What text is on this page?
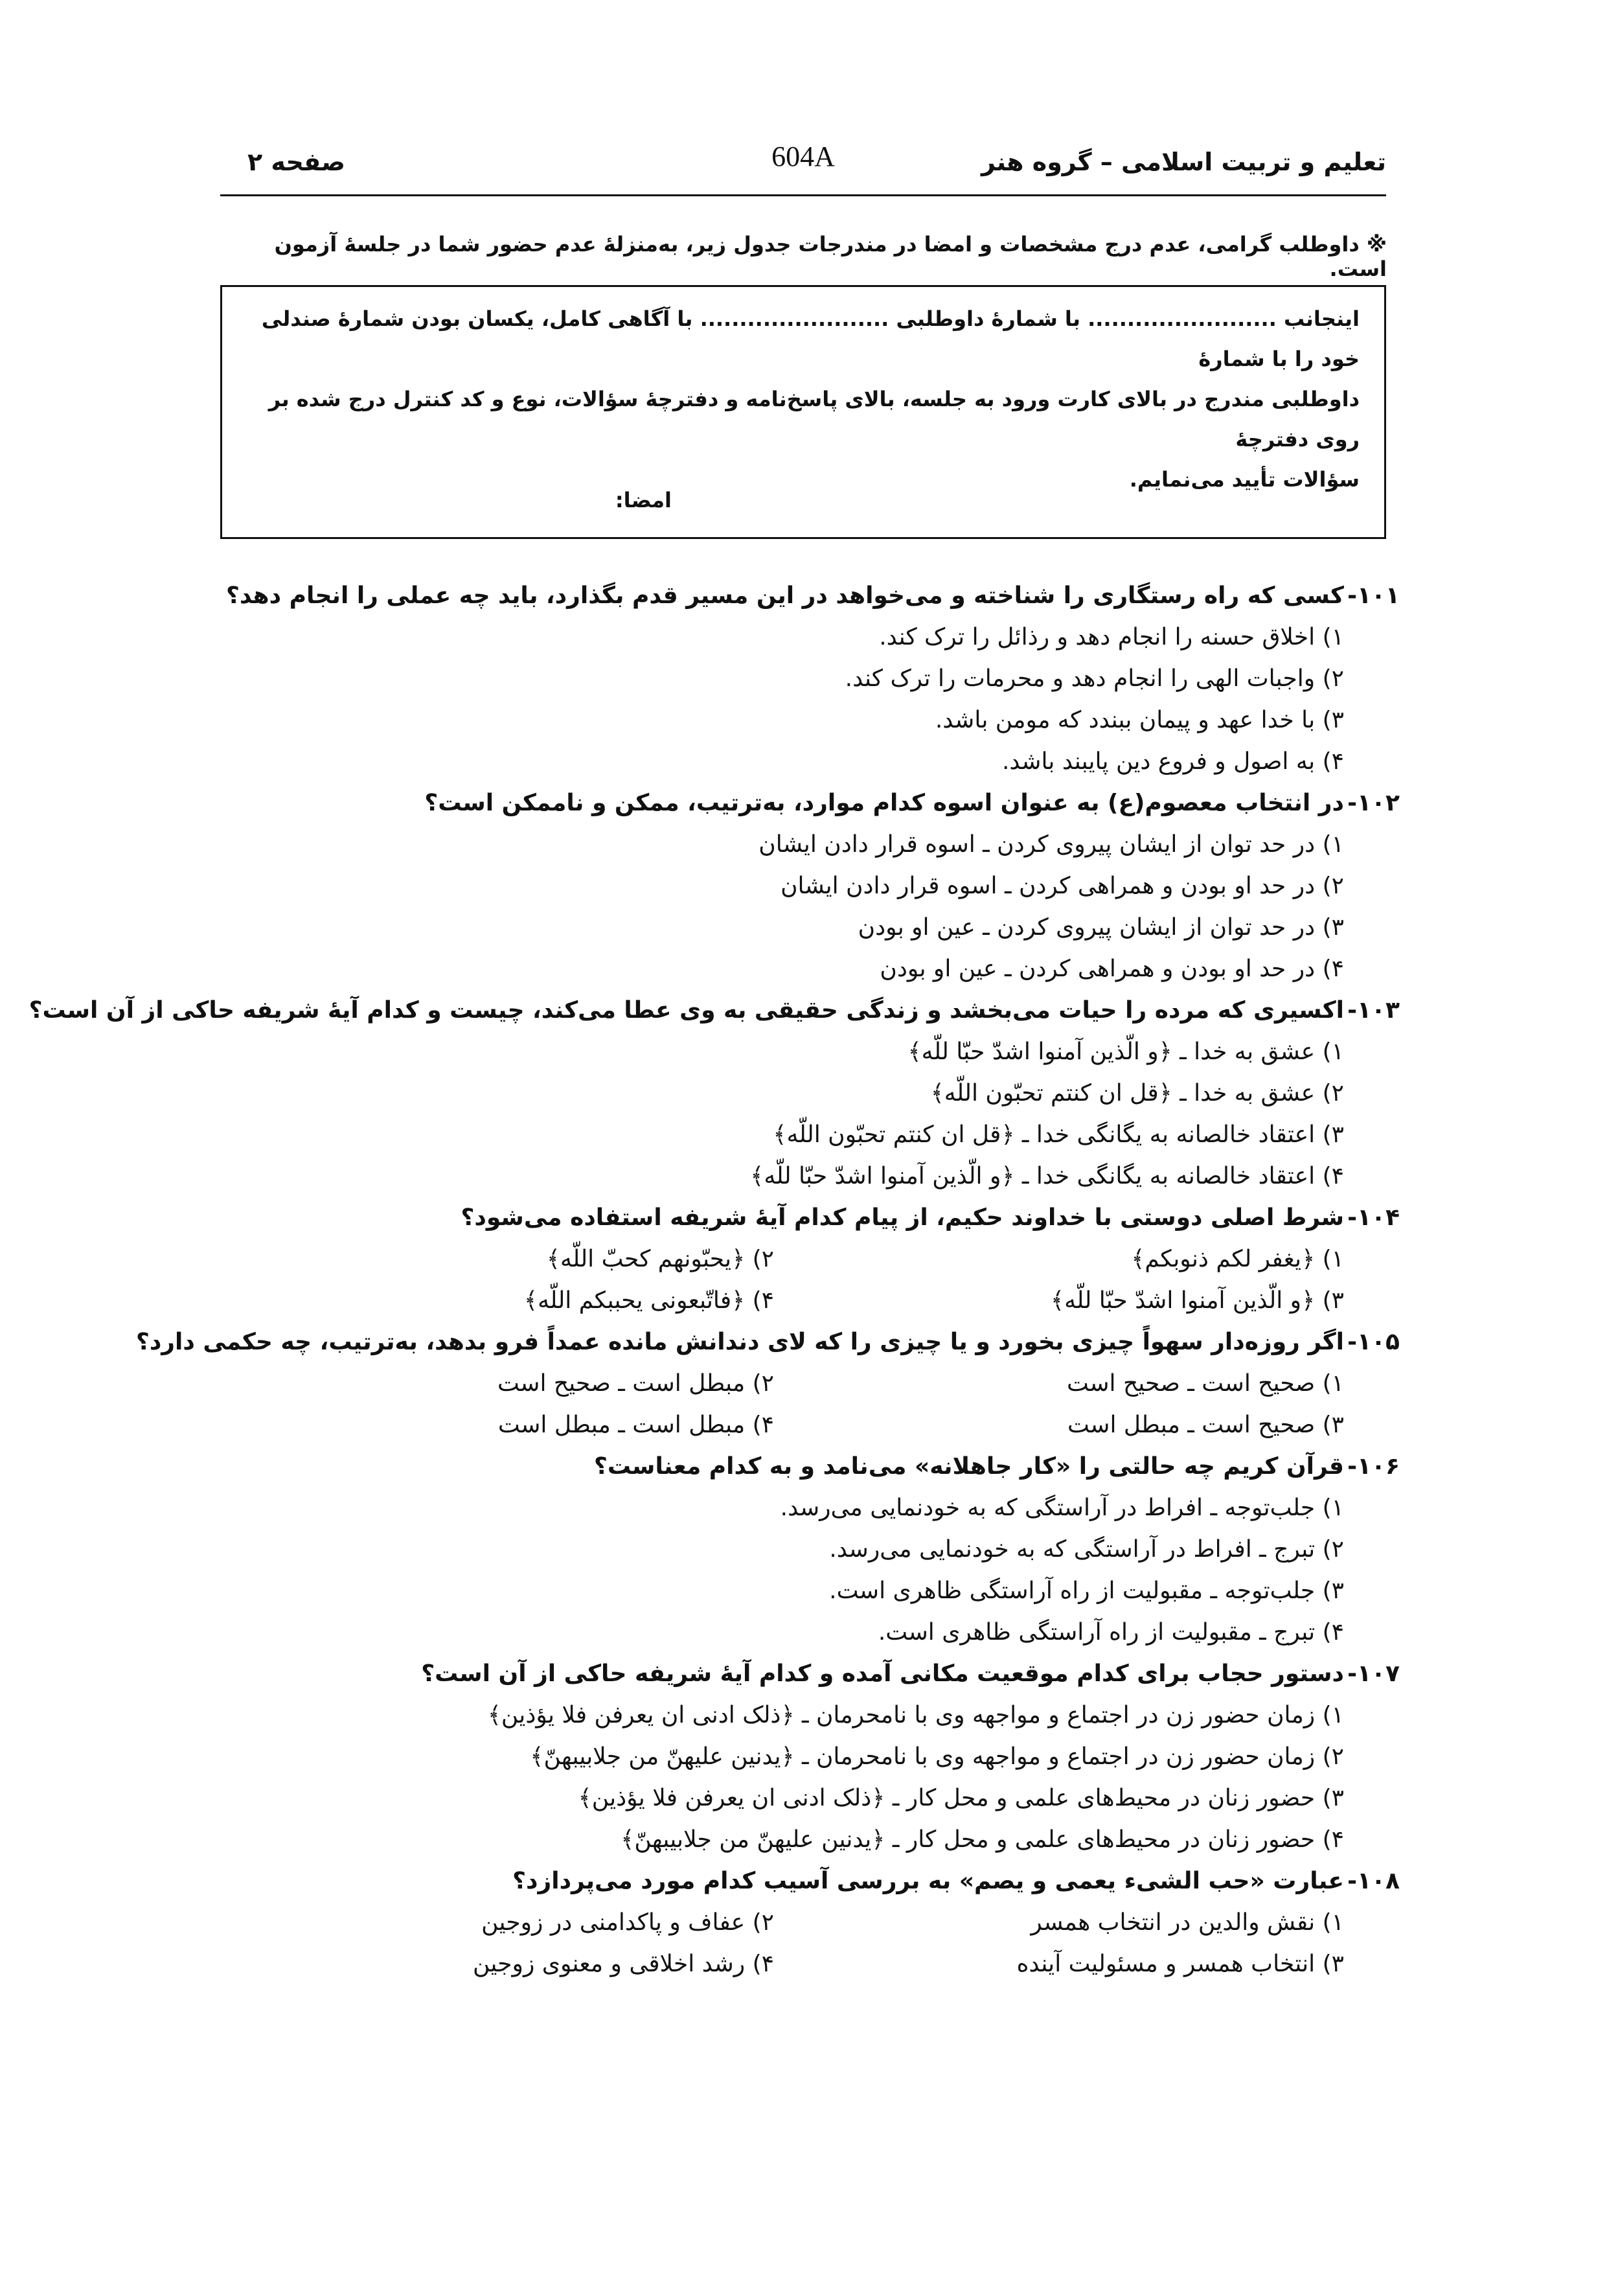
تعلیم و تربیت اسلامی – گروه هنر
604A
صفحه ۲
※ داوطلب گرامی، عدم درج مشخصات و امضا در مندرجات جدول زیر، به‌منزلهٔ عدم حضور شما در جلسهٔ آزمون است.
اینجانب ........................ با شمارهٔ داوطلبی ........................ با آگاهی کامل، یکسان بودن شمارهٔ صندلی خود را با شمارهٔ
داوطلبی مندرج در بالای کارت ورود به جلسه، بالای پاسخ‌نامه و دفترچهٔ سؤالات، نوع و کد کنترل درج شده بر روی دفترچهٔ
سؤالات تأیید می‌نمایم.
امضا:
۱۰۱-کسی که راه رستگاری را شناخته و می‌خواهد در این مسیر قدم بگذارد، باید چه عملی را انجام دهد؟
۱) اخلاق حسنه را انجام دهد و رذائل را ترک کند.
۲) واجبات الهی را انجام دهد و محرمات را ترک کند.
۳) با خدا عهد و پیمان ببندد که مومن باشد.
۴) به اصول و فروع دین پایبند باشد.
۱۰۲-در انتخاب معصوم(ع) به عنوان اسوه کدام موارد، به‌ترتیب، ممکن و ناممکن است؟
۱) در حد توان از ایشان پیروی کردن ـ اسوه قرار دادن ایشان
۲) در حد او بودن و همراهی کردن ـ اسوه قرار دادن ایشان
۳) در حد توان از ایشان پیروی کردن ـ عین او بودن
۴) در حد او بودن و همراهی کردن ـ عین او بودن
۱۰۳-اکسیری که مرده را حیات می‌بخشد و زندگی حقیقی به وی عطا می‌کند، چیست و کدام آیهٔ شریفه حاکی از آن است؟
۱) عشق به خدا ـ ﴿و الّذین آمنوا اشدّ حبّا للّه﴾
۲) عشق به خدا ـ ﴿قل ان کنتم تحبّون اللّه﴾
۳) اعتقاد خالصانه به یگانگی خدا ـ ﴿قل ان کنتم تحبّون اللّه﴾
۴) اعتقاد خالصانه به یگانگی خدا ـ ﴿و الّذین آمنوا اشدّ حبّا للّه﴾
۱۰۴-شرط اصلی دوستی با خداوند حکیم، از پیام کدام آیهٔ شریفه استفاده می‌شود؟
۱) ﴿یغفر لکم ذنوبکم﴾۲) ﴿یحبّونهم کحبّ اللّه﴾
۳) ﴿و الّذین آمنوا اشدّ حبّا للّه﴾۴) ﴿فاتّبعونی یحببکم اللّه﴾
۱۰۵-اگر روزه‌دار سهواً چیزی بخورد و یا چیزی را که لای دندانش مانده عمداً فرو بدهد، به‌ترتیب، چه حکمی دارد؟
۱) صحیح است ـ صحیح است۲) مبطل است ـ صحیح است
۳) صحیح است ـ مبطل است۴) مبطل است ـ مبطل است
۱۰۶-قرآن کریم چه حالتی را «کار جاهلانه» می‌نامد و به کدام معناست؟
۱) جلب‌توجه ـ افراط در آراستگی که به خودنمایی می‌رسد.
۲) تبرج ـ افراط در آراستگی که به خودنمایی می‌رسد.
۳) جلب‌توجه ـ مقبولیت از راه آراستگی ظاهری است.
۴) تبرج ـ مقبولیت از راه آراستگی ظاهری است.
۱۰۷-دستور حجاب برای کدام موقعیت مکانی آمده و کدام آیهٔ شریفه حاکی از آن است؟
۱) زمان حضور زن در اجتماع و مواجهه وی با نامحرمان ـ ﴿ذلک ادنی ان یعرفن فلا یؤذین﴾
۲) زمان حضور زن در اجتماع و مواجهه وی با نامحرمان ـ ﴿یدنین علیهنّ من جلابیبهنّ﴾
۳) حضور زنان در محیط‌های علمی و محل کار ـ ﴿ذلک ادنی ان یعرفن فلا یؤذین﴾
۴) حضور زنان در محیط‌های علمی و محل کار ـ ﴿یدنین علیهنّ من جلابیبهنّ﴾
۱۰۸-عبارت «حب الشیء یعمی و یصم» به بررسی آسیب کدام مورد می‌پردازد؟
۱) نقش والدین در انتخاب همسر۲) عفاف و پاکدامنی در زوجین
۳) انتخاب همسر و مسئولیت آینده۴) رشد اخلاقی و معنوی زوجین
